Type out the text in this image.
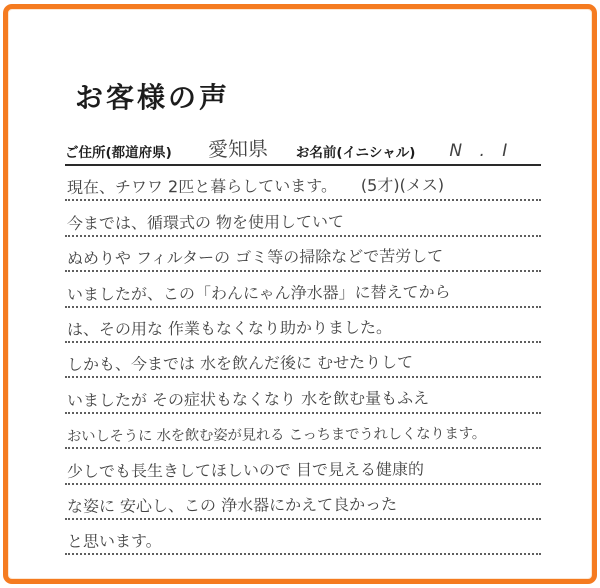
お客様の声
ご住所(都道府県) 愛知県 お名前(イニシャル) N . I
現在、チワワ 2匹と暮らしています。　　(5才)(メス)
今までは、循環式の 物を使用していて
ぬめりや フィルターの ゴミ等の掃除などで苦労して
いましたが、この「わんにゃん浄水器」に替えてから
は、その用な 作業もなくなり助かりました。
しかも、今までは 水を飲んだ後に むせたりして
いましたが その症状もなくなり 水を飲む量もふえ
おいしそうに 水を飲む姿が見れる こっちまでうれしくなります。
少しでも長生きしてほしいので 目で見える健康的
な姿に 安心し、この 浄水器にかえて良かった
と思います。
